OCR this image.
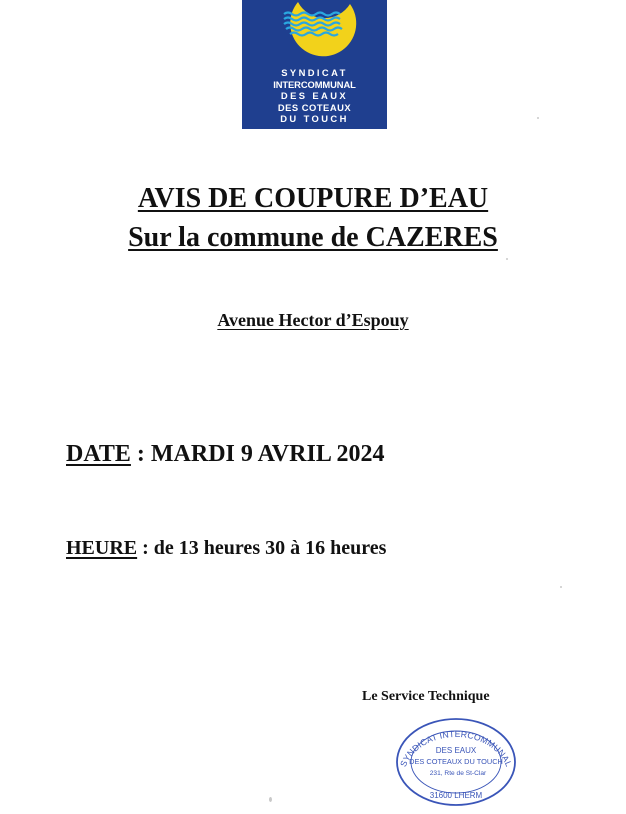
SYNDICAT
INTERCOMMUNAL
DES EAUX
DES COTEAUX
DU TOUCH
AVIS DE COUPURE D’EAU
Sur la commune de CAZERES
Avenue Hector d’Espouy
DATE : MARDI 9 AVRIL 2024
HEURE : de 13 heures 30 à 16 heures
Le Service Technique
SYNDICAT INTERCOMMUNAL
DES EAUX
DES COTEAUX DU TOUCH
231, Rte de St-Clar
31600 LHERM
